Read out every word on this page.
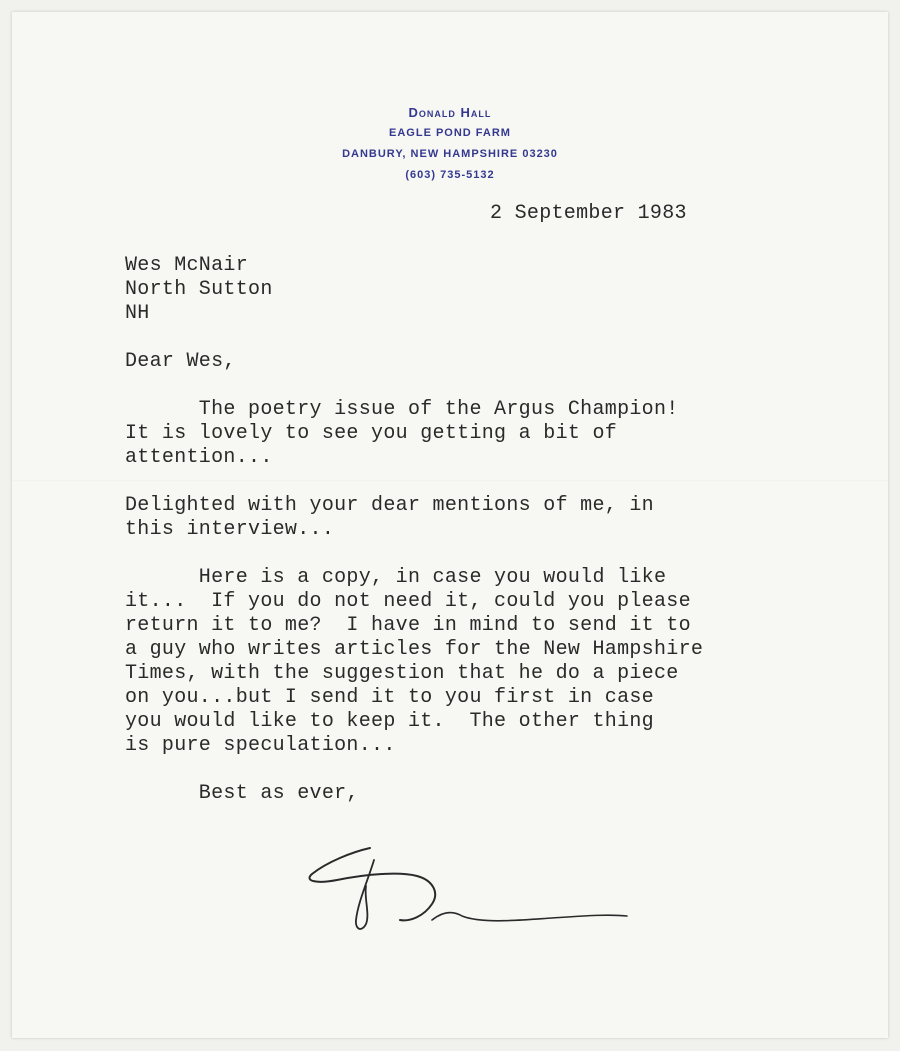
Donald Hall
EAGLE POND FARM
DANBURY, NEW HAMPSHIRE 03230
(603) 735-5132
2 September 1983
Wes McNair
North Sutton
NH
Dear Wes,
The poetry issue of the Argus Champion!
It is lovely to see you getting a bit of
attention...
Delighted with your dear mentions of me, in
this interview...
Here is a copy, in case you would like
it...  If you do not need it, could you please
return it to me?  I have in mind to send it to
a guy who writes articles for the New Hampshire
Times, with the suggestion that he do a piece
on you...but I send it to you first in case
you would like to keep it.  The other thing
is pure speculation...
Best as ever,
